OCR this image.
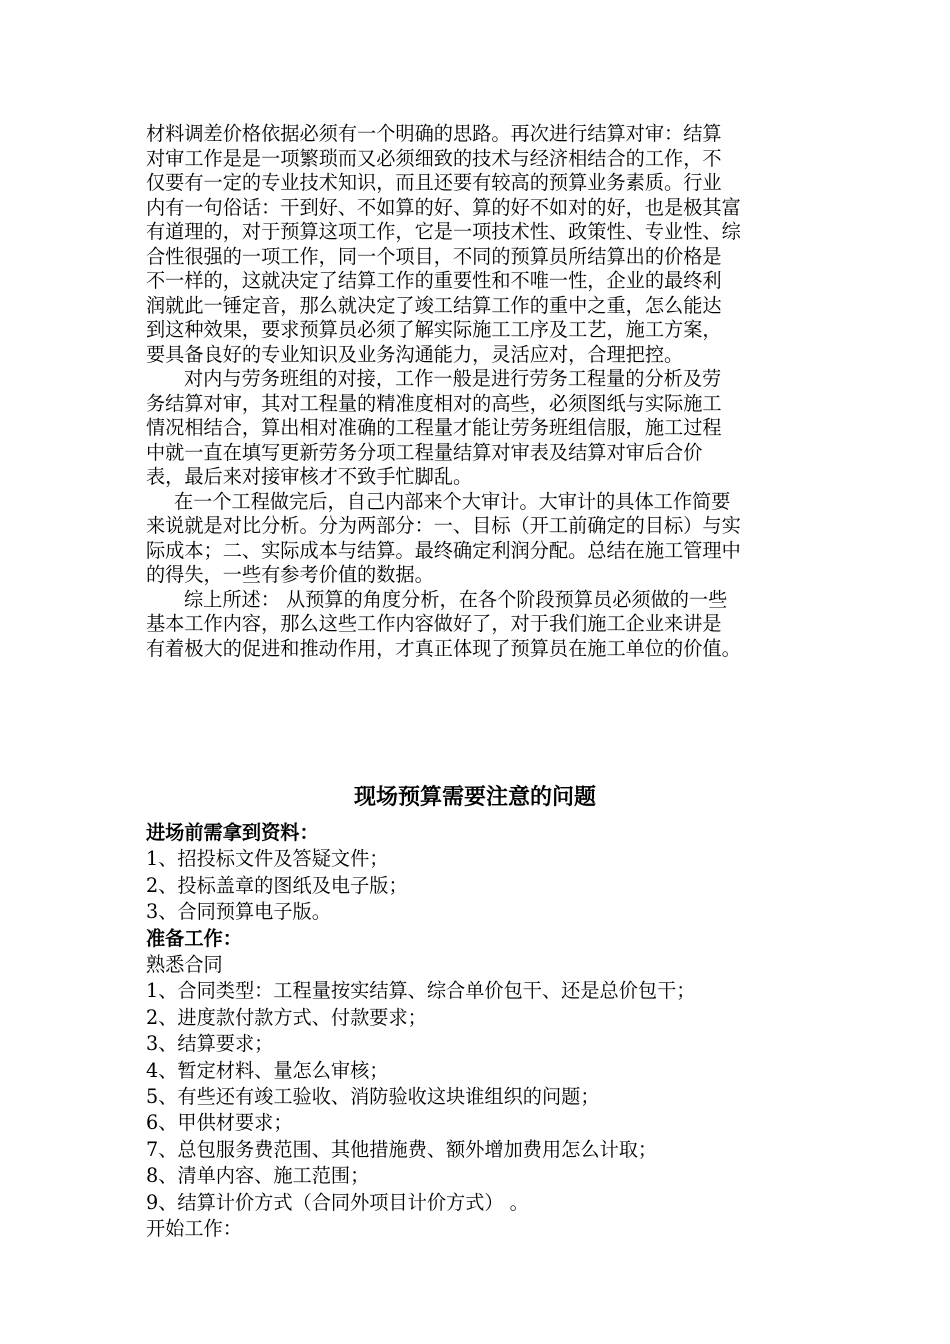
材料调差价格依据必须有一个明确的思路。再次进行结算对审：结算

对审工作是是一项繁琐而又必须细致的技术与经济相结合的工作，不

仅要有一定的专业技术知识，而且还要有较高的预算业务素质。行业

内有一句俗话：干到好、不如算的好、算的好不如对的好，也是极其富

有道理的，对于预算这项工作，它是一项技术性、政策性、专业性、综

合性很强的一项工作，同一个项目，不同的预算员所结算出的价格是

不一样的，这就决定了结算工作的重要性和不唯一性，企业的最终利

润就此一锤定音，那么就决定了竣工结算工作的重中之重，怎么能达

到这种效果，要求预算员必须了解实际施工工序及工艺，施工方案，

要具备良好的专业知识及业务沟通能力，灵活应对，合理把控。

对内与劳务班组的对接，工作一般是进行劳务工程量的分析及劳

务结算对审，其对工程量的精准度相对的高些，必须图纸与实际施工

情况相结合，算出相对准确的工程量才能让劳务班组信服，施工过程

中就一直在填写更新劳务分项工程量结算对审表及结算对审后合价

表，最后来对接审核才不致手忙脚乱。

在一个工程做完后，自己内部来个大审计。大审计的具体工作简要

来说就是对比分析。分为两部分：一、目标（开工前确定的目标）与实

际成本；二、实际成本与结算。最终确定利润分配。总结在施工管理中

的得失，一些有参考价值的数据。

综上所述： 从预算的角度分析，在各个阶段预算员必须做的一些

基本工作内容，那么这些工作内容做好了，对于我们施工企业来讲是

有着极大的促进和推动作用，才真正体现了预算员在施工单位的价值。

现场预算需要注意的问题

进场前需拿到资料：

1、招投标文件及答疑文件；

2、投标盖章的图纸及电子版；

3、合同预算电子版。

准备工作：

熟悉合同

1、合同类型：工程量按实结算、综合单价包干、还是总价包干；

2、进度款付款方式、付款要求；

3、结算要求；

4、暂定材料、量怎么审核；

5、有些还有竣工验收、消防验收这块谁组织的问题；

6、甲供材要求；

7、总包服务费范围、其他措施费、额外增加费用怎么计取；

8、清单内容、施工范围；

9、结算计价方式（合同外项目计价方式） 。

开始工作：
